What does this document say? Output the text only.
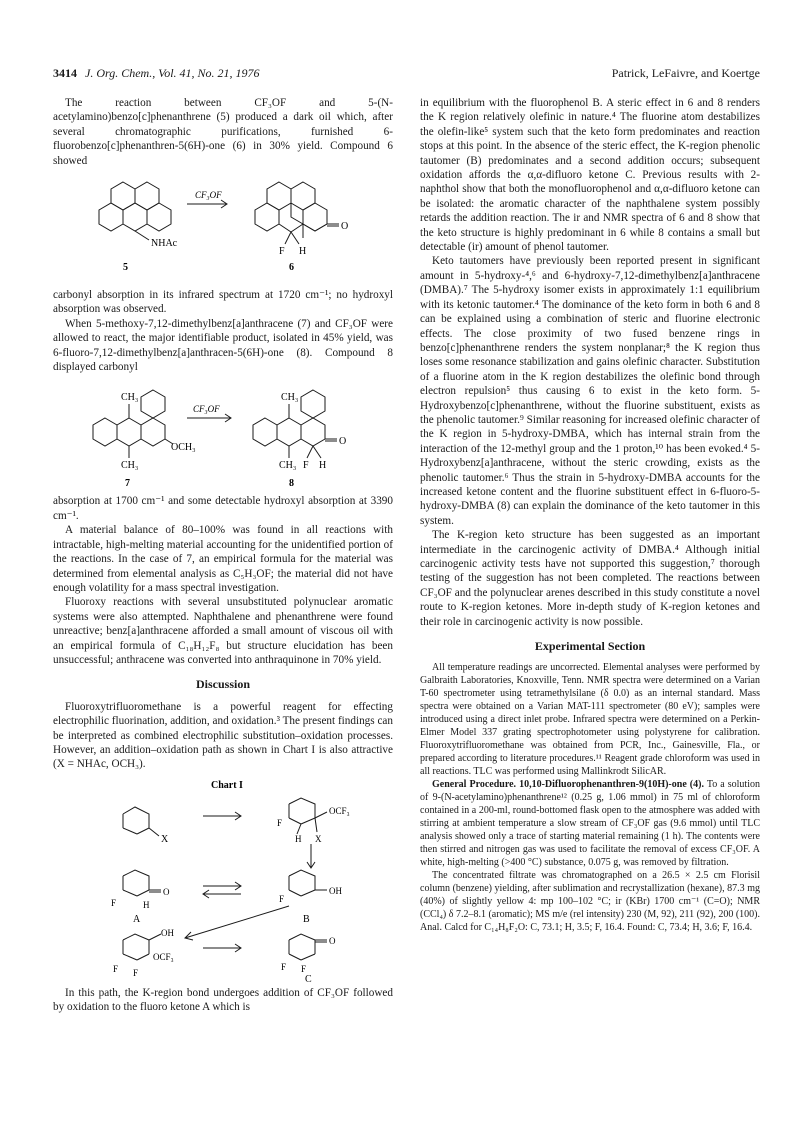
3414 J. Org. Chem., Vol. 41, No. 21, 1976	Patrick, LeFaivre, and Koertge

The reaction between CF₃OF and 5-(N-acetylamino)benzo[c]phenanthrene (5) produced a dark oil which, after several chromatographic purifications, furnished 6-fluorobenzo[c]phenanthren-5(6H)-one (6) in 30% yield. Compound 6 showed

CF₃OF
NHAc
5
O
F H
6

carbonyl absorption in its infrared spectrum at 1720 cm⁻¹; no hydroxyl absorption was observed.

When 5-methoxy-7,12-dimethylbenz[a]anthracene (7) and CF₃OF were allowed to react, the major identifiable product, isolated in 45% yield, was 6-fluoro-7,12-dimethylbenz[a]anthracen-5(6H)-one (8). Compound 8 displayed carbonyl

CF₃OF
CH₃
OCH₃
CH₃
7
CH₃
O
CH₃ F H
8

absorption at 1700 cm⁻¹ and some detectable hydroxyl absorption at 3390 cm⁻¹.

A material balance of 80–100% was found in all reactions with intractable, high-melting material accounting for the unidentified portion of the reactions. In the case of 7, an empirical formula for the material was determined from elemental analysis as C₅H₃OF; the material did not have enough volatility for a mass spectral investigation.

Fluoroxy reactions with several unsubstituted polynuclear aromatic systems were also attempted. Naphthalene and phenanthrene were found unreactive; benz[a]anthracene afforded a small amount of viscous oil with an empirical formula of C₁₈H₁₂F₈ but structure elucidation has been unsuccessful; anthracene was converted into anthraquinone in 70% yield.

Discussion

Fluoroxytrifluoromethane is a powerful reagent for effecting electrophilic fluorination, addition, and oxidation.³ The present findings can be interpreted as combined electrophilic substitution–oxidation processes. However, an addition–oxidation path as shown in Chart I is also attractive (X = NHAc, OCH₃).

Chart I
X
OCF₃
F
H X
O
F	H
A
OH
F
B
OH
OCF₃
F F
O
F F
C

In this path, the K-region bond undergoes addition of CF₃OF followed by oxidation to the fluoro ketone A which is

in equilibrium with the fluorophenol B. A steric effect in 6 and 8 renders the K region relatively olefinic in nature.⁴ The fluorine atom destabilizes the olefin-like⁵ system such that the keto form predominates and reaction stops at this point. In the absence of the steric effect, the K-region phenolic tautomer (B) predominates and a second addition occurs; subsequent oxidation affords the α,α-difluoro ketone C. Previous results with 2-naphthol show that both the monofluorophenol and α,α-difluoro ketone can be isolated: the aromatic character of the naphthalene system possibly retards the addition reaction. The ir and NMR spectra of 6 and 8 show that the keto structure is highly predominant in 6 while 8 contains a small but detectable (ir) amount of phenol tautomer.

Keto tautomers have previously been reported present in significant amount in 5-hydroxy-⁴,⁶ and 6-hydroxy-7,12-dimethylbenz[a]anthracene (DMBA).⁷ The 5-hydroxy isomer exists in approximately 1:1 equilibrium with its ketonic tautomer.⁴ The dominance of the keto form in both 6 and 8 can be explained using a combination of steric and fluorine electronic effects. The close proximity of two fused benzene rings in benzo[c]phenanthrene renders the system nonplanar;⁸ the K region thus loses some resonance stabilization and gains olefinic character. Substitution of a fluorine atom in the K region destabilizes the olefinic bond through electron repulsion⁵ thus causing 6 to exist in the keto form. 5-Hydroxybenzo[c]phenanthrene, without the fluorine substituent, exists as the phenolic tautomer.⁹ Similar reasoning for increased olefinic character of the K region in 5-hydroxy-DMBA, which has internal strain from the interaction of the 12-methyl group and the 1 proton,¹⁰ has been evoked.⁴ 5-Hydroxybenz[a]anthracene, without the steric crowding, exists as the phenolic tautomer.⁶ Thus the strain in 5-hydroxy-DMBA accounts for the increased ketone content and the fluorine substituent effect in 6-fluoro-5-hydroxy-DMBA (8) can explain the dominance of the keto tautomer in this system.

The K-region keto structure has been suggested as an important intermediate in the carcinogenic activity of DMBA.⁴ Although initial carcinogenic activity tests have not supported this suggestion,⁷ thorough testing of the suggestion has not been completed. The reactions between CF₃OF and the polynuclear arenes described in this study constitute a novel route to K-region ketones. More in-depth study of K-region ketones and their role in carcinogenic activity is now possible.

Experimental Section

All temperature readings are uncorrected. Elemental analyses were performed by Galbraith Laboratories, Knoxville, Tenn. NMR spectra were determined on a Varian T-60 spectrometer using tetramethylsilane (δ 0.0) as an internal standard. Mass spectra were obtained on a Varian MAT-111 spectrometer (80 eV); samples were introduced using a direct inlet probe. Infrared spectra were determined on a Perkin-Elmer Model 337 grating spectrophotometer using polystyrene for calibration. Fluoroxytrifluoromethane was obtained from PCR, Inc., Gainesville, Fla., or prepared according to literature procedures.¹¹ Reagent grade chloroform was used in all reactions. TLC was performed using Mallinkrodt SilicAR.

General Procedure. 10,10-Difluorophenanthren-9(10H)-one (4). To a solution of 9-(N-acetylamino)phenanthrene¹² (0.25 g, 1.06 mmol) in 75 ml of chloroform contained in a 200-ml, round-bottomed flask open to the atmosphere was added with stirring at ambient temperature a slow stream of CF₃OF gas (9.6 mmol) until TLC analysis showed only a trace of starting material remaining (1 h). The contents were then stirred and nitrogen gas was used to facilitate the removal of excess CF₃OF. A white, high-melting (>400 °C) substance, 0.075 g, was removed by filtration.

The concentrated filtrate was chromatographed on a 26.5 × 2.5 cm Florisil column (benzene) yielding, after sublimation and recrystallization (hexane), 87.3 mg (40%) of slightly yellow 4: mp 100–102 °C; ir (KBr) 1700 cm⁻¹ (C=O); NMR (CCl₄) δ 7.2–8.1 (aromatic); MS m/e (rel intensity) 230 (M, 92), 211 (92), 200 (100). Anal. Calcd for C₁₄H₈F₂O: C, 73.1; H, 3.5; F, 16.4. Found: C, 73.4; H, 3.6; F, 16.4.
